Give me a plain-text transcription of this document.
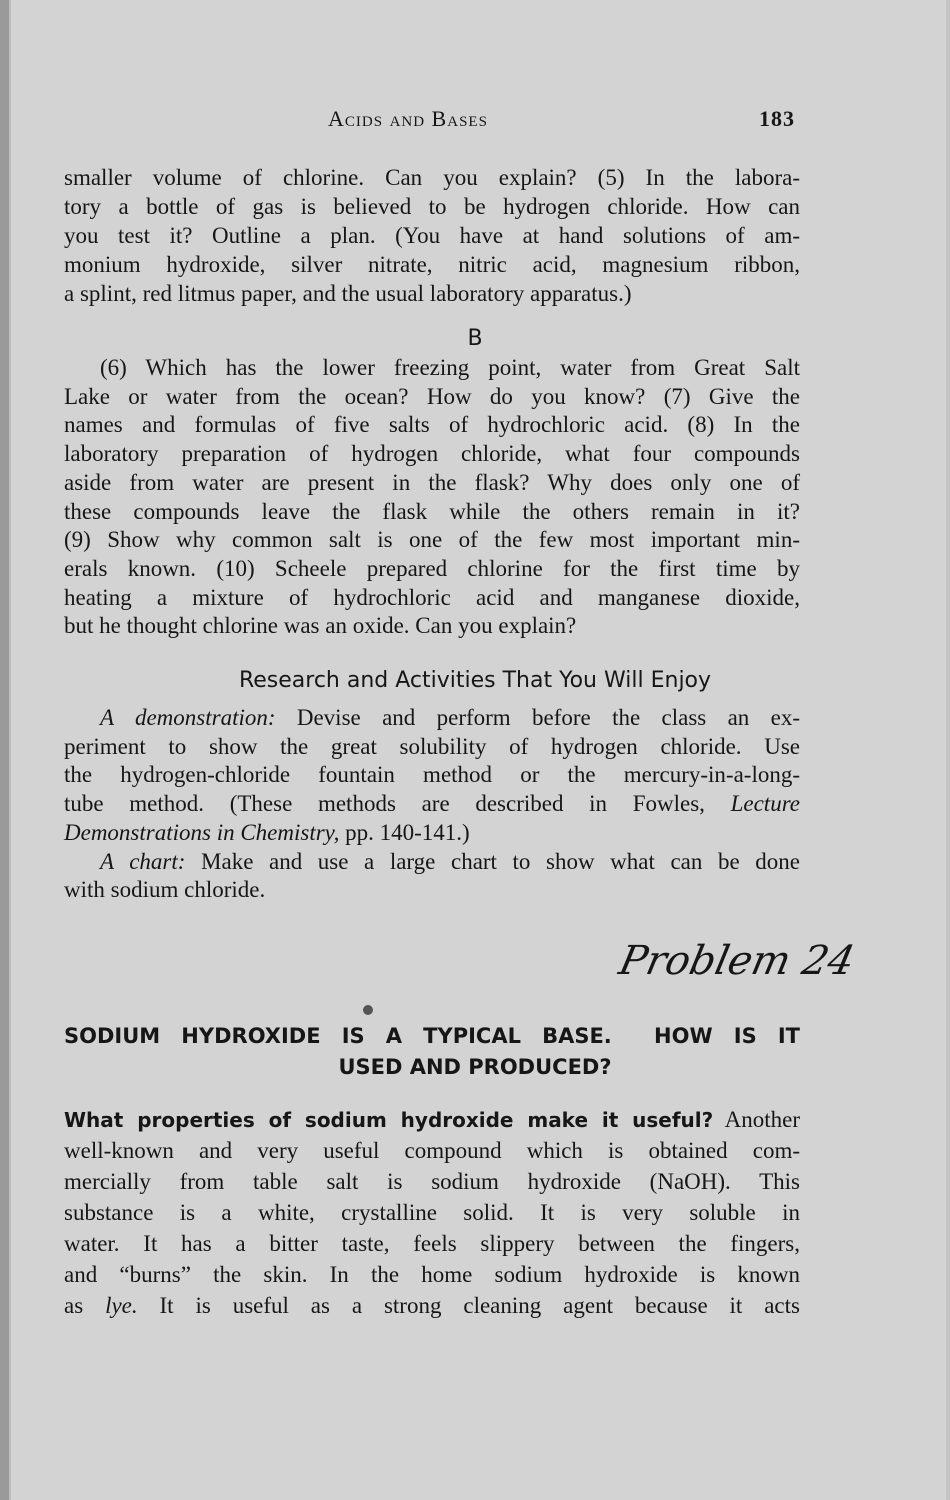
Acids and Bases	183
smaller volume of chlorine. Can you explain? (5) In the labora-
tory a bottle of gas is believed to be hydrogen chloride. How can
you test it? Outline a plan. (You have at hand solutions of am-
monium hydroxide, silver nitrate, nitric acid, magnesium ribbon,
a splint, red litmus paper, and the usual laboratory apparatus.)
B
(6) Which has the lower freezing point, water from Great Salt
Lake or water from the ocean? How do you know? (7) Give the
names and formulas of five salts of hydrochloric acid. (8) In the
laboratory preparation of hydrogen chloride, what four compounds
aside from water are present in the flask? Why does only one of
these compounds leave the flask while the others remain in it?
(9) Show why common salt is one of the few most important min-
erals known. (10) Scheele prepared chlorine for the first time by
heating a mixture of hydrochloric acid and manganese dioxide,
but he thought chlorine was an oxide. Can you explain?
Research and Activities That You Will Enjoy
A demonstration: Devise and perform before the class an ex-
periment to show the great solubility of hydrogen chloride. Use
the hydrogen-chloride fountain method or the mercury-in-a-long-
tube method. (These methods are described in Fowles, Lecture
Demonstrations in Chemistry, pp. 140-141.)
A chart: Make and use a large chart to show what can be done
with sodium chloride.
Problem 24
SODIUM HYDROXIDE IS A TYPICAL BASE.  HOW IS IT
USED AND PRODUCED?
What properties of sodium hydroxide make it useful? Another
well-known and very useful compound which is obtained com-
mercially from table salt is sodium hydroxide (NaOH). This
substance is a white, crystalline solid. It is very soluble in
water. It has a bitter taste, feels slippery between the fingers,
and “burns” the skin. In the home sodium hydroxide is known
as lye. It is useful as a strong cleaning agent because it acts
